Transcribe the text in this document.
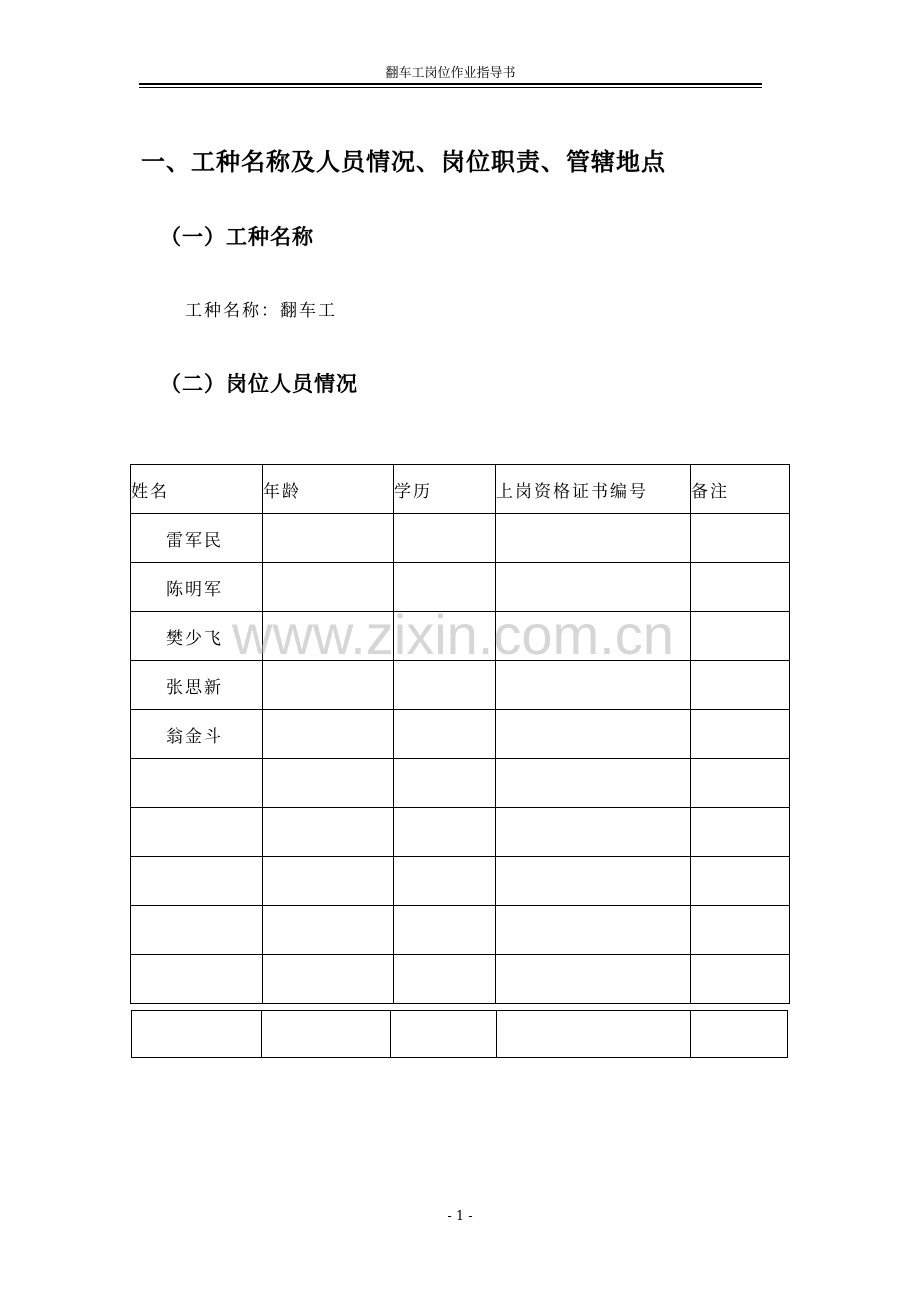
翻车工岗位作业指导书
一、工种名称及人员情况、岗位职责、管辖地点
（一）工种名称
工种名称：翻车工
（二）岗位人员情况
姓名	年龄	学历	上岗资格证书编号	备注
雷军民				
陈明军				
樊少飞				
张思新				
翁金斗				

www.zixin.com.cn
- 1 -
